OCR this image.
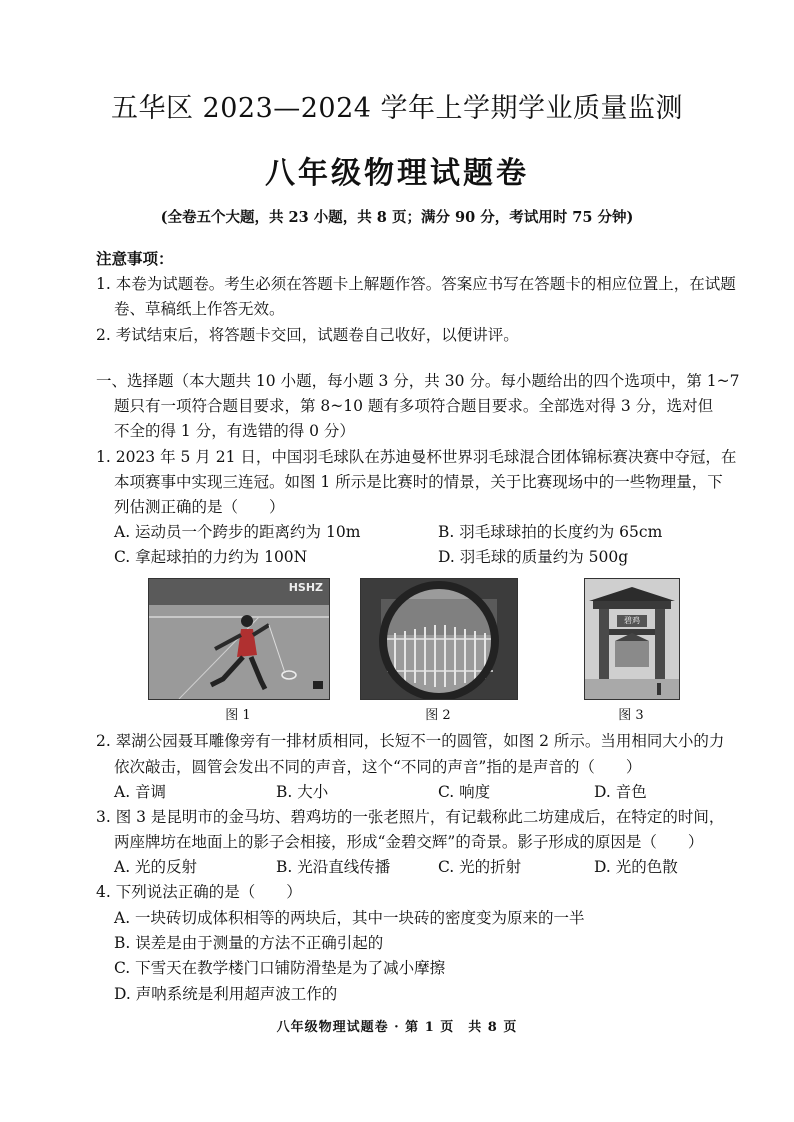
五华区 2023—2024 学年上学期学业质量监测
八年级物理试题卷
(全卷五个大题，共 23 小题，共 8 页；满分 90 分，考试用时 75 分钟)
注意事项：
1. 本卷为试题卷。考生必须在答题卡上解题作答。答案应书写在答题卡的相应位置上，在试题
卷、草稿纸上作答无效。
2. 考试结束后，将答题卡交回，试题卷自己收好，以便讲评。
一、选择题（本大题共 10 小题，每小题 3 分，共 30 分。每小题给出的四个选项中，第 1~7
题只有一项符合题目要求，第 8~10 题有多项符合题目要求。全部选对得 3 分，选对但
不全的得 1 分，有选错的得 0 分）
1. 2023 年 5 月 21 日，中国羽毛球队在苏迪曼杯世界羽毛球混合团体锦标赛决赛中夺冠，在
本项赛事中实现三连冠。如图 1 所示是比赛时的情景，关于比赛现场中的一些物理量，下
列估测正确的是（　　）
A. 运动员一个跨步的距离约为 10m	B. 羽毛球球拍的长度约为 65cm
C. 拿起球拍的力约为 100N	D. 羽毛球的质量约为 500g
HSHZ
图 1	图 2
碧鸡
图 3
2. 翠湖公园聂耳雕像旁有一排材质相同，长短不一的圆管，如图 2 所示。当用相同大小的力
依次敲击，圆管会发出不同的声音，这个“不同的声音”指的是声音的（　　）
A. 音调	B. 大小	C. 响度	D. 音色
3. 图 3 是昆明市的金马坊、碧鸡坊的一张老照片，有记载称此二坊建成后，在特定的时间，
两座牌坊在地面上的影子会相接，形成“金碧交辉”的奇景。影子形成的原因是（　　）
A. 光的反射	B. 光沿直线传播	C. 光的折射	D. 光的色散
4. 下列说法正确的是（　　）
A. 一块砖切成体积相等的两块后，其中一块砖的密度变为原来的一半
B. 误差是由于测量的方法不正确引起的
C. 下雪天在教学楼门口铺防滑垫是为了减小摩擦
D. 声呐系统是利用超声波工作的
八年级物理试题卷 · 第 1 页　共 8 页
